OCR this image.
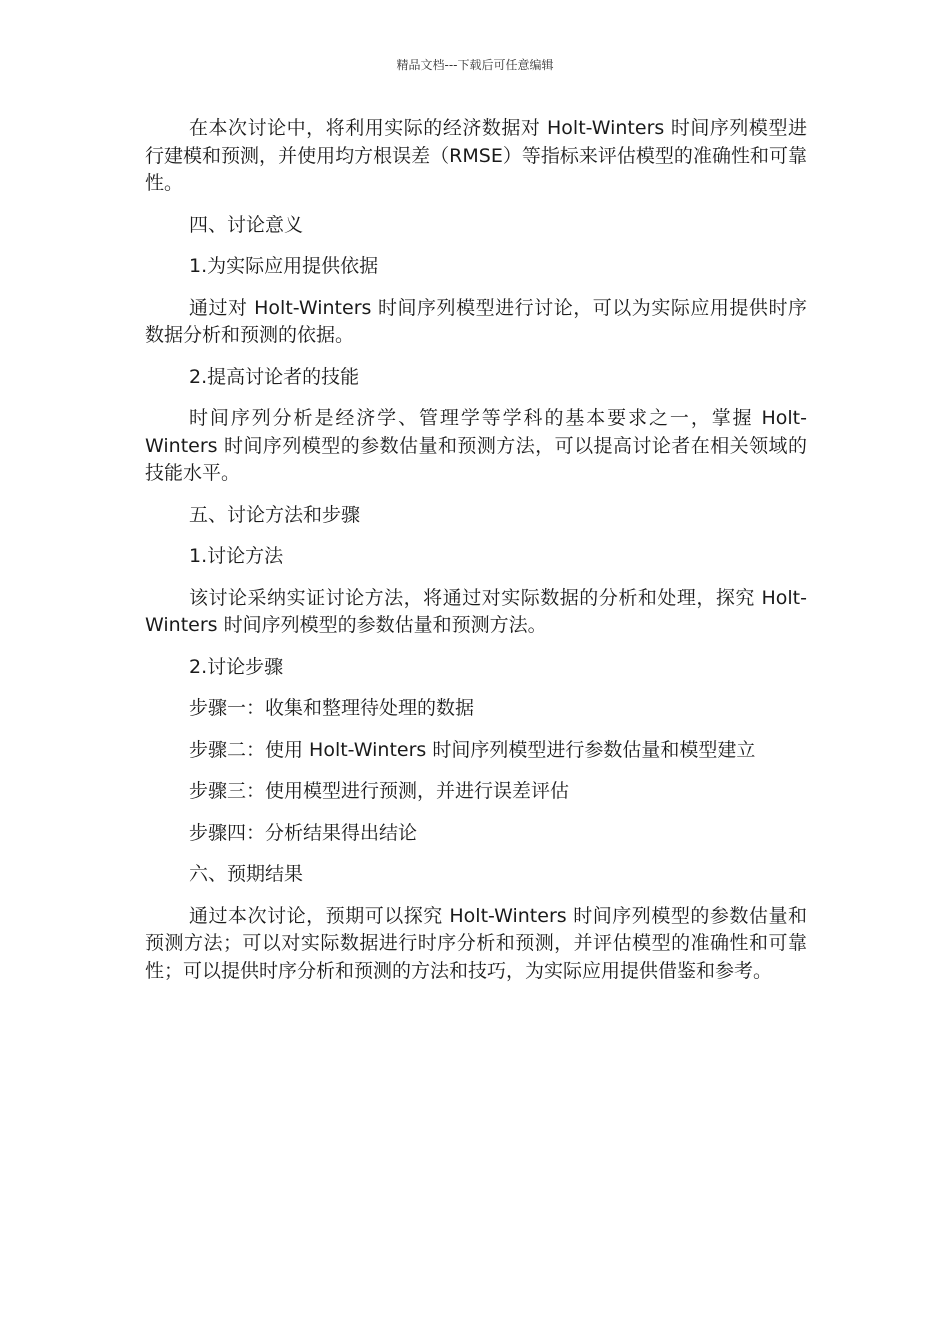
精品文档---下载后可任意编辑

在本次讨论中，将利用实际的经济数据对 Holt-Winters 时间序列模型进行建模和预测，并使用均方根误差（RMSE）等指标来评估模型的准确性和可靠性。

四、讨论意义

1.为实际应用提供依据

通过对 Holt-Winters 时间序列模型进行讨论，可以为实际应用提供时序数据分析和预测的依据。

2.提高讨论者的技能

时间序列分析是经济学、管理学等学科的基本要求之一，掌握 Holt-Winters 时间序列模型的参数估量和预测方法，可以提高讨论者在相关领域的技能水平。

五、讨论方法和步骤

1.讨论方法

该讨论采纳实证讨论方法，将通过对实际数据的分析和处理，探究 Holt-Winters 时间序列模型的参数估量和预测方法。

2.讨论步骤

步骤一：收集和整理待处理的数据

步骤二：使用 Holt-Winters 时间序列模型进行参数估量和模型建立

步骤三：使用模型进行预测，并进行误差评估

步骤四：分析结果得出结论

六、预期结果

通过本次讨论，预期可以探究 Holt-Winters 时间序列模型的参数估量和预测方法；可以对实际数据进行时序分析和预测，并评估模型的准确性和可靠性；可以提供时序分析和预测的方法和技巧，为实际应用提供借鉴和参考。
